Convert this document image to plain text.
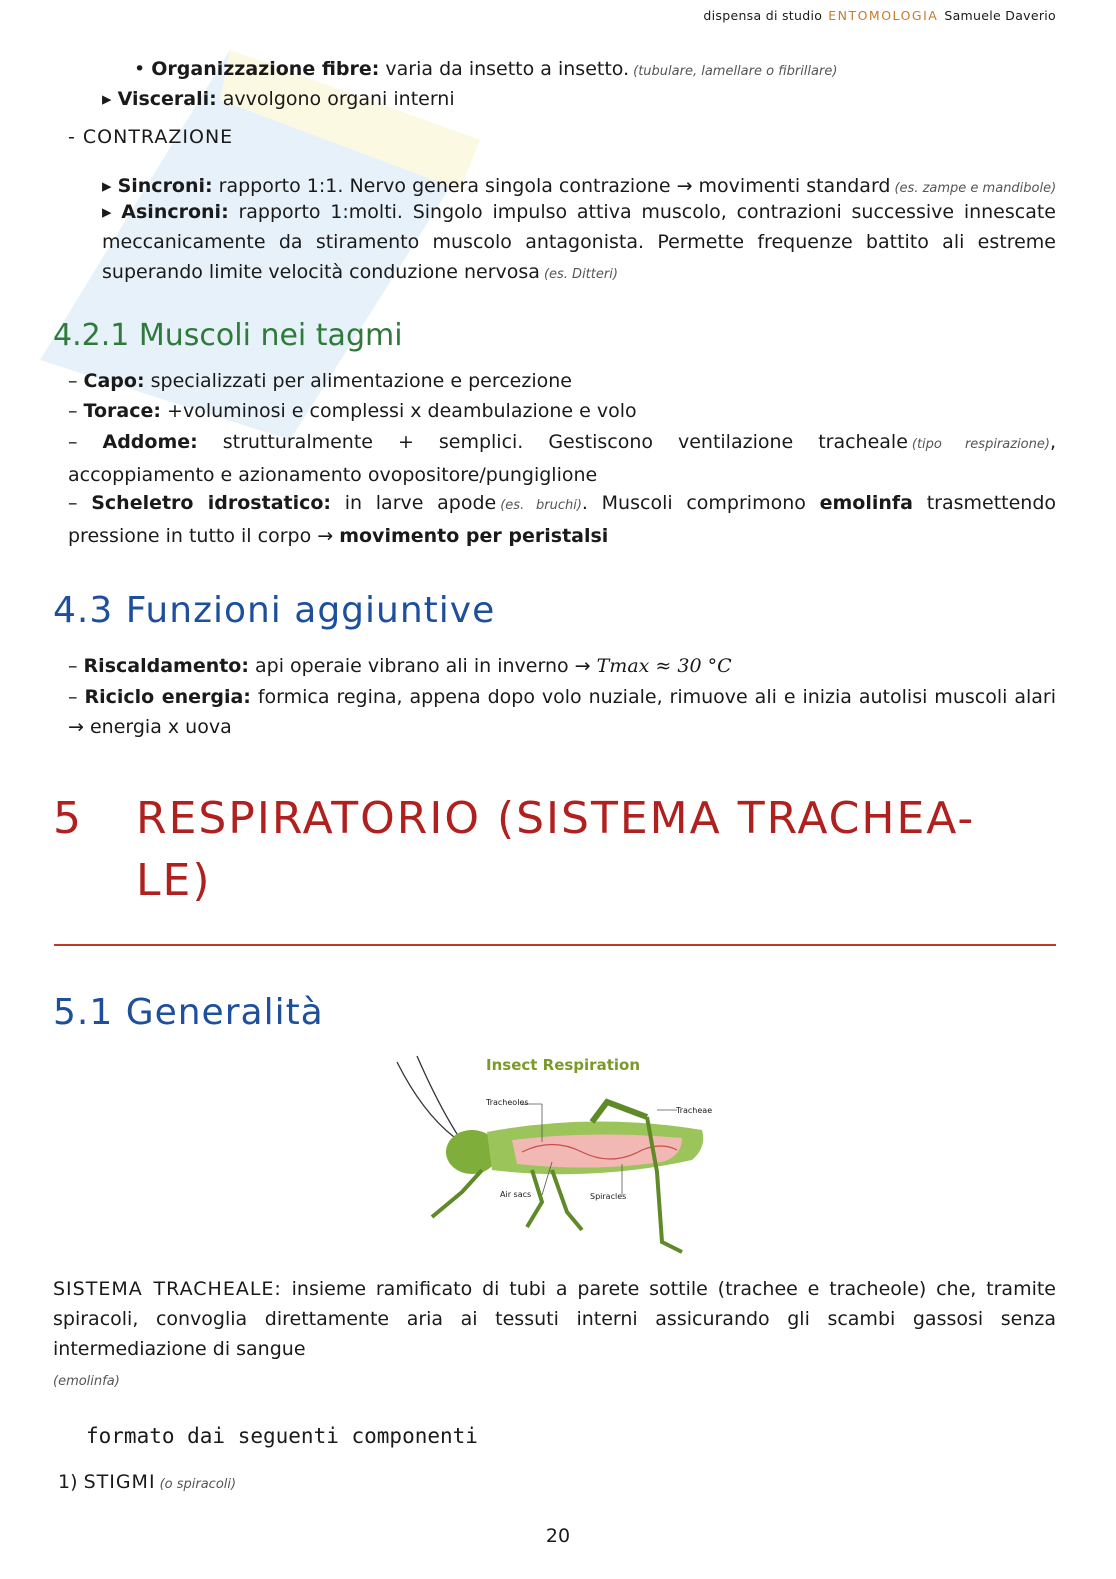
dispensa di studio ENTOMOLOGIA Samuele Daverio
• Organizzazione fibre: varia da insetto a insetto. (tubulare, lamellare o fibrillare)
▸ Viscerali: avvolgono organi interni
- CONTRAZIONE
▸ Sincroni: rapporto 1:1. Nervo genera singola contrazione → movimenti standard (es. zampe e mandibole)
▸ Asincroni: rapporto 1:molti. Singolo impulso attiva muscolo, contrazioni successive innescate meccanicamente da stiramento muscolo antagonista. Permette frequenze battito ali estreme superando limite velocità conduzione nervosa (es. Ditteri)
4.2.1 Muscoli nei tagmi
– Capo: specializzati per alimentazione e percezione
– Torace: +voluminosi e complessi x deambulazione e volo
– Addome: strutturalmente + semplici. Gestiscono ventilazione tracheale (tipo respirazione), accoppiamento e azionamento ovopositore/pungiglione
– Scheletro idrostatico: in larve apode (es. bruchi). Muscoli comprimono emolinfa trasmettendo pressione in tutto il corpo → movimento per peristalsi
4.3 Funzioni aggiuntive
– Riscaldamento: api operaie vibrano ali in inverno → Tmax ≈ 30 °C
– Riciclo energia: formica regina, appena dopo volo nuziale, rimuove ali e inizia autolisi muscoli alari → energia x uova
5 RESPIRATORIO (SISTEMA TRACHEA-
LE)
5.1 Generalità
Insect Respiration
Tracheoles
Tracheae
Air sacs	Spiracles
SISTEMA TRACHEALE: insieme ramificato di tubi a parete sottile (trachee e tracheole) che, tramite spiracoli, convoglia direttamente aria ai tessuti interni assicurando gli scambi gassosi senza intermediazione di sangue
(emolinfa)
formato dai seguenti componenti
1) STIGMI (o spiracoli)
20
